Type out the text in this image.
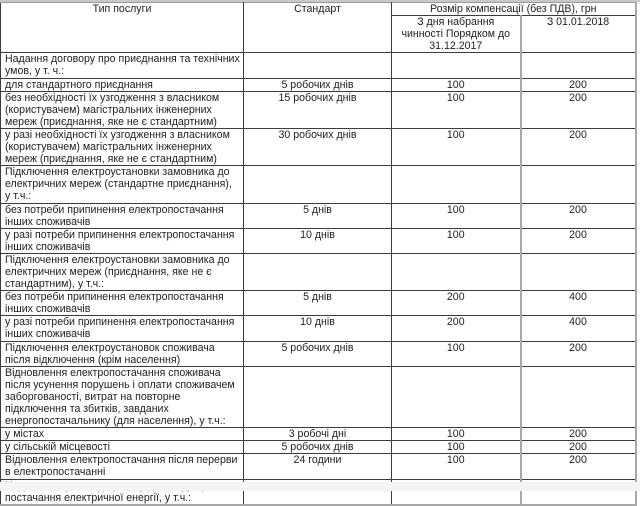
Тип послуги	Стандарт	Розмір компенсації (без ПДВ), грн	
		З дня набрання чинності Порядком до 31.12.2017	З 01.01.2018
Надання договору про приєднання та технічних умов, у т. ч.:			
для стандартного приєднання	5 робочих днів	100	200
без необхідності їх узгодження з власником (користувачем) магістральних інженерних мереж (приєднання, яке не є стандартним)	15 робочих днів	100	200
у разі необхідності їх узгодження з власником (користувачем) магістральних інженерних мереж (приєднання, яке не є стандартним)	30 робочих днів	100	200
Підключення електроустановки замовника до електричних мереж (стандартне приєднання), у т.ч.:			
без потреби припинення електропостачання інших споживачів	5 днів	100	200
у разі потреби припинення електропостачання інших споживачів	10 днів	100	200
Підключення електроустановки замовника до електричних мереж (приєднання, яке не є стандартним), у т.ч.:			
без потреби припинення електропостачання інших споживачів	5 днів	200	400
у разі потреби припинення електропостачання інших споживачів	10 днів	200	400
Підключення електроустановок споживача після відключення (крім населення)	5 робочих днів	100	200
Відновлення електропостачання споживача після усунення порушень і оплати споживачем заборгованості, витрат на повторне підключення та збитків, завданих енергопостачальнику (для населення), у т.ч.:			
у містах	3 робочі дні	100	200
у сільській місцевості	5 робочих днів	100	200
Відновлення електропостачання після перерви в електропостачанні	24 години	100	200
постачання електричної енергії, у т.ч.:			
